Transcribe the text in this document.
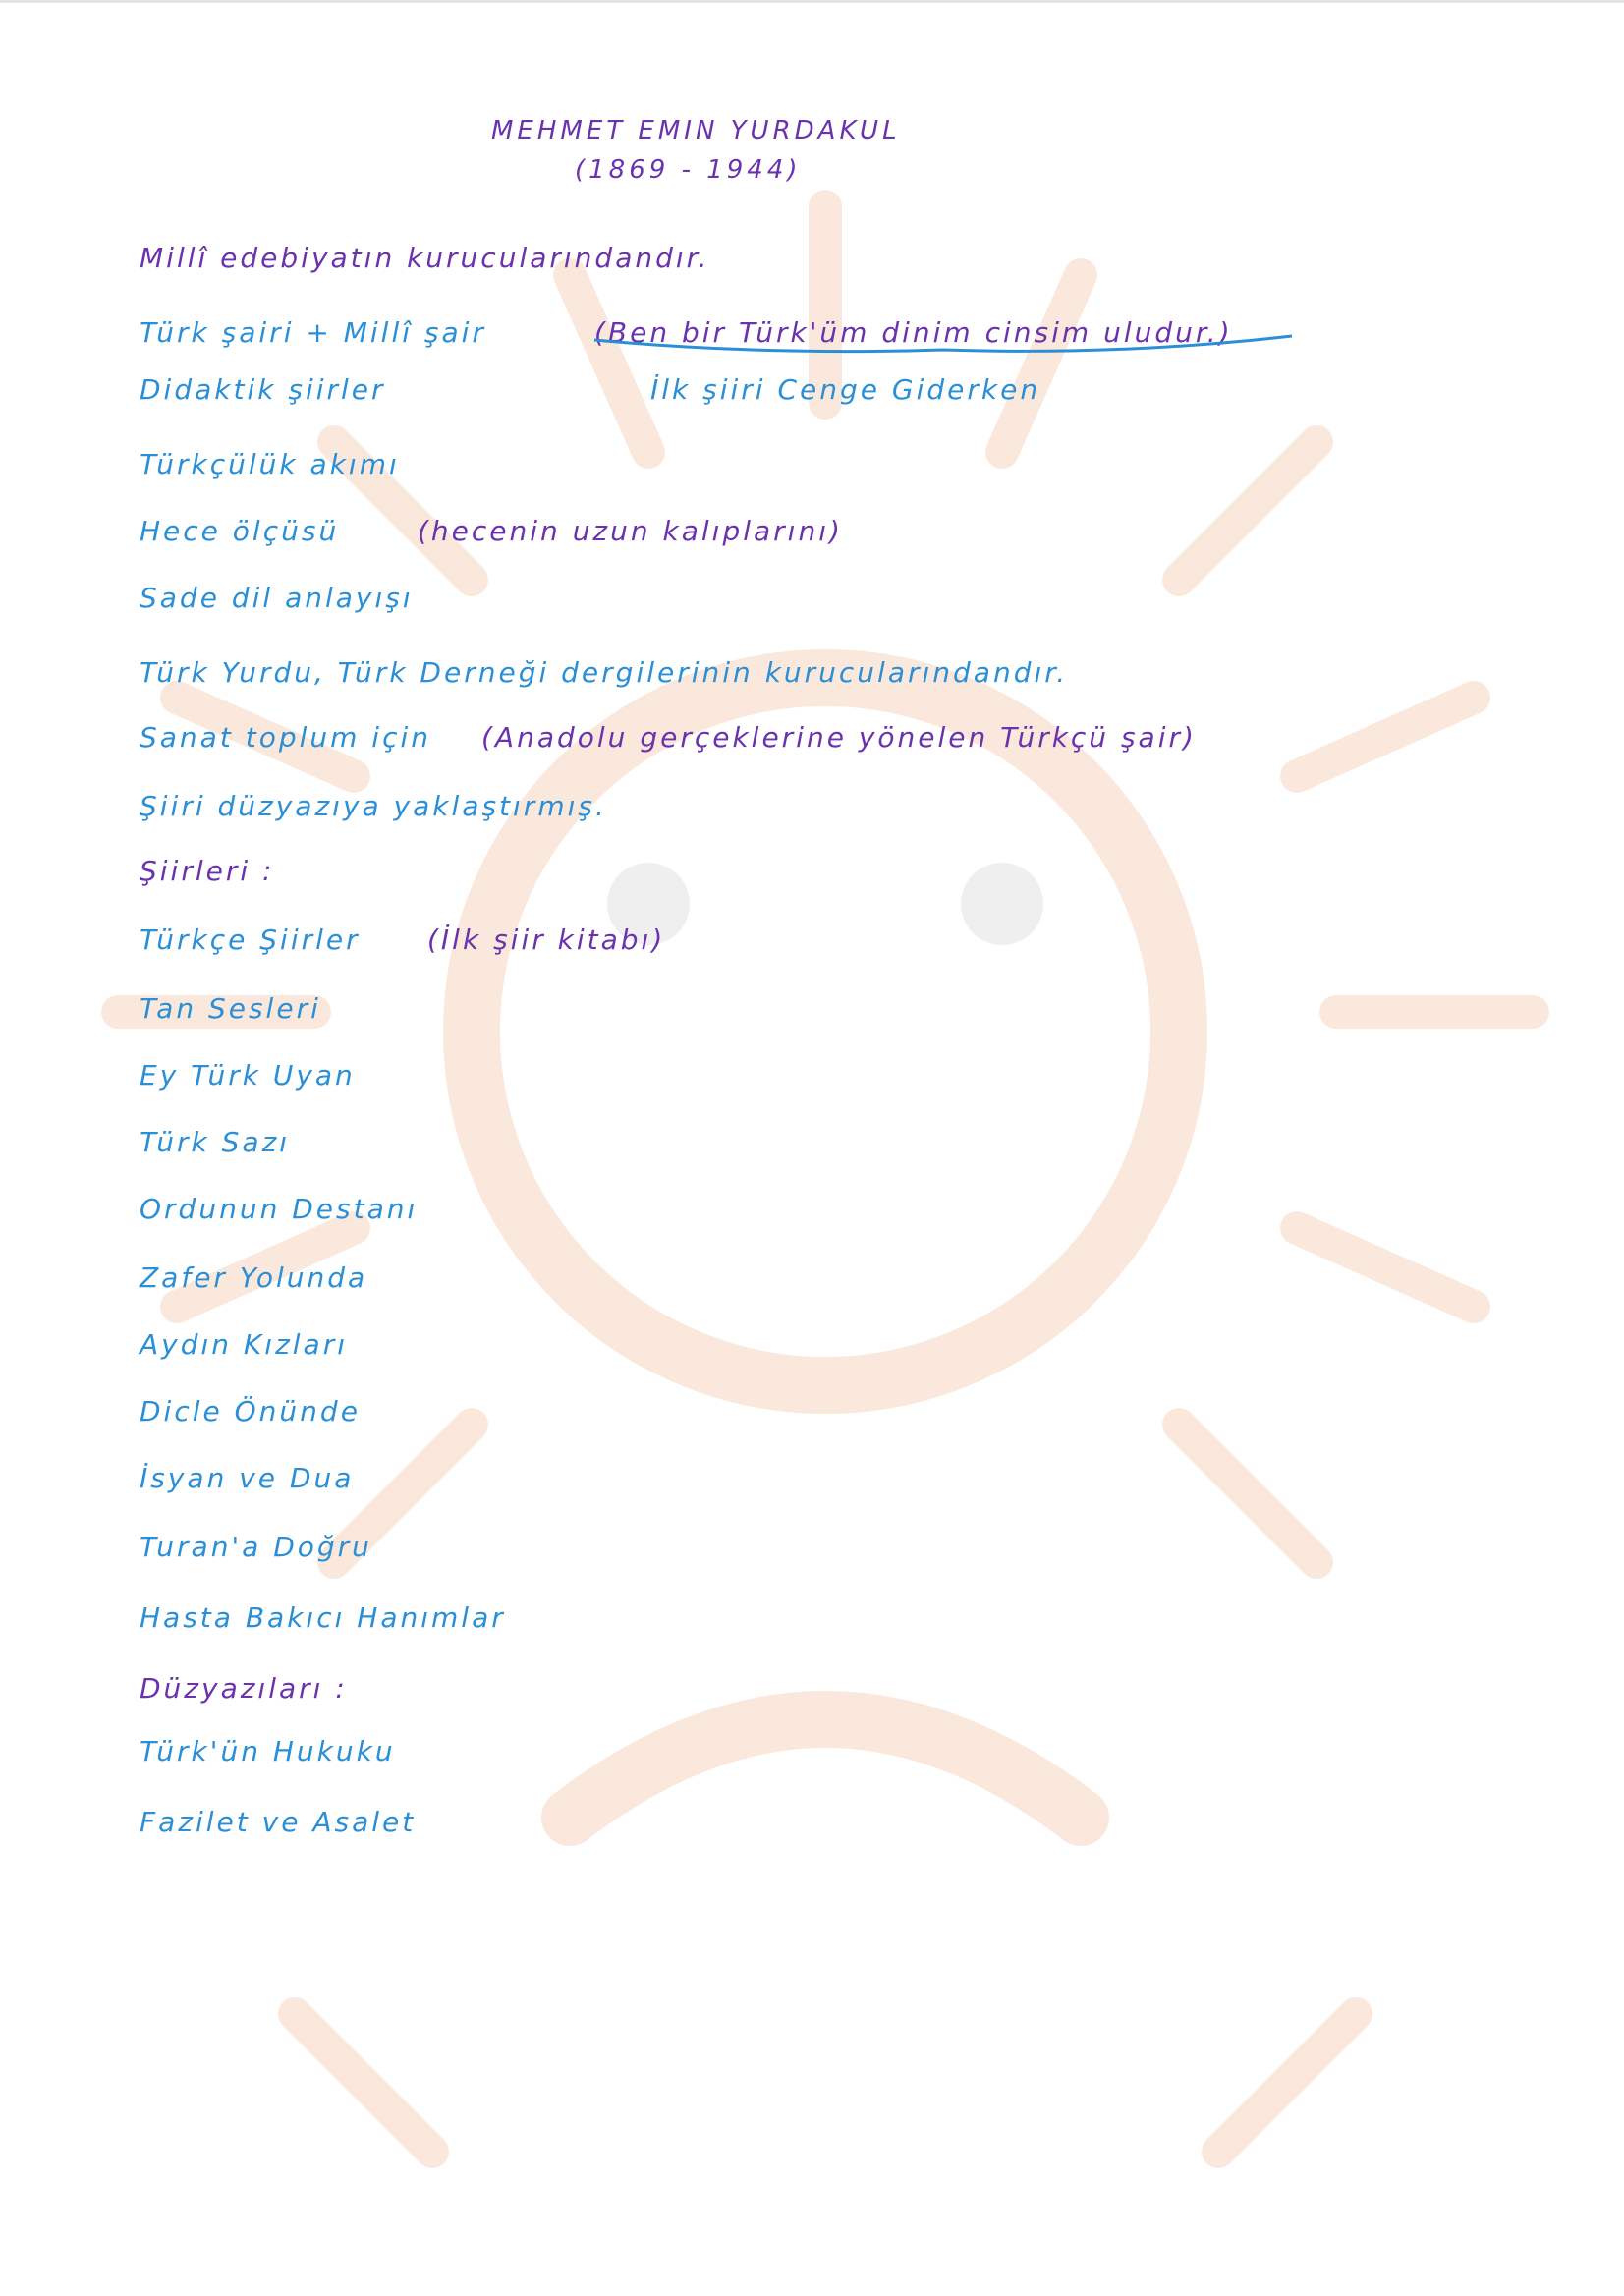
MEHMET EMIN YURDAKUL
(1869 - 1944)
Millî edebiyatın kurucularındandır.
Türk şairi + Millî şair	(Ben bir Türk'üm dinim cinsim uludur.)
Didaktik şiirler	İlk şiiri Cenge Giderken
Türkçülük akımı
Hece ölçüsü	(hecenin uzun kalıplarını)
Sade dil anlayışı
Türk Yurdu, Türk Derneği dergilerinin kurucularındandır.
Sanat toplum için (Anadolu gerçeklerine yönelen Türkçü şair)
Şiiri düzyazıya yaklaştırmış.
Şiirleri :
Türkçe Şiirler (İlk şiir kitabı)
Tan Sesleri
Ey Türk Uyan
Türk Sazı
Ordunun Destanı
Zafer Yolunda
Aydın Kızları
Dicle Önünde
İsyan ve Dua
Turan'a Doğru
Hasta Bakıcı Hanımlar
Düzyazıları :
Türk'ün Hukuku
Fazilet ve Asalet
